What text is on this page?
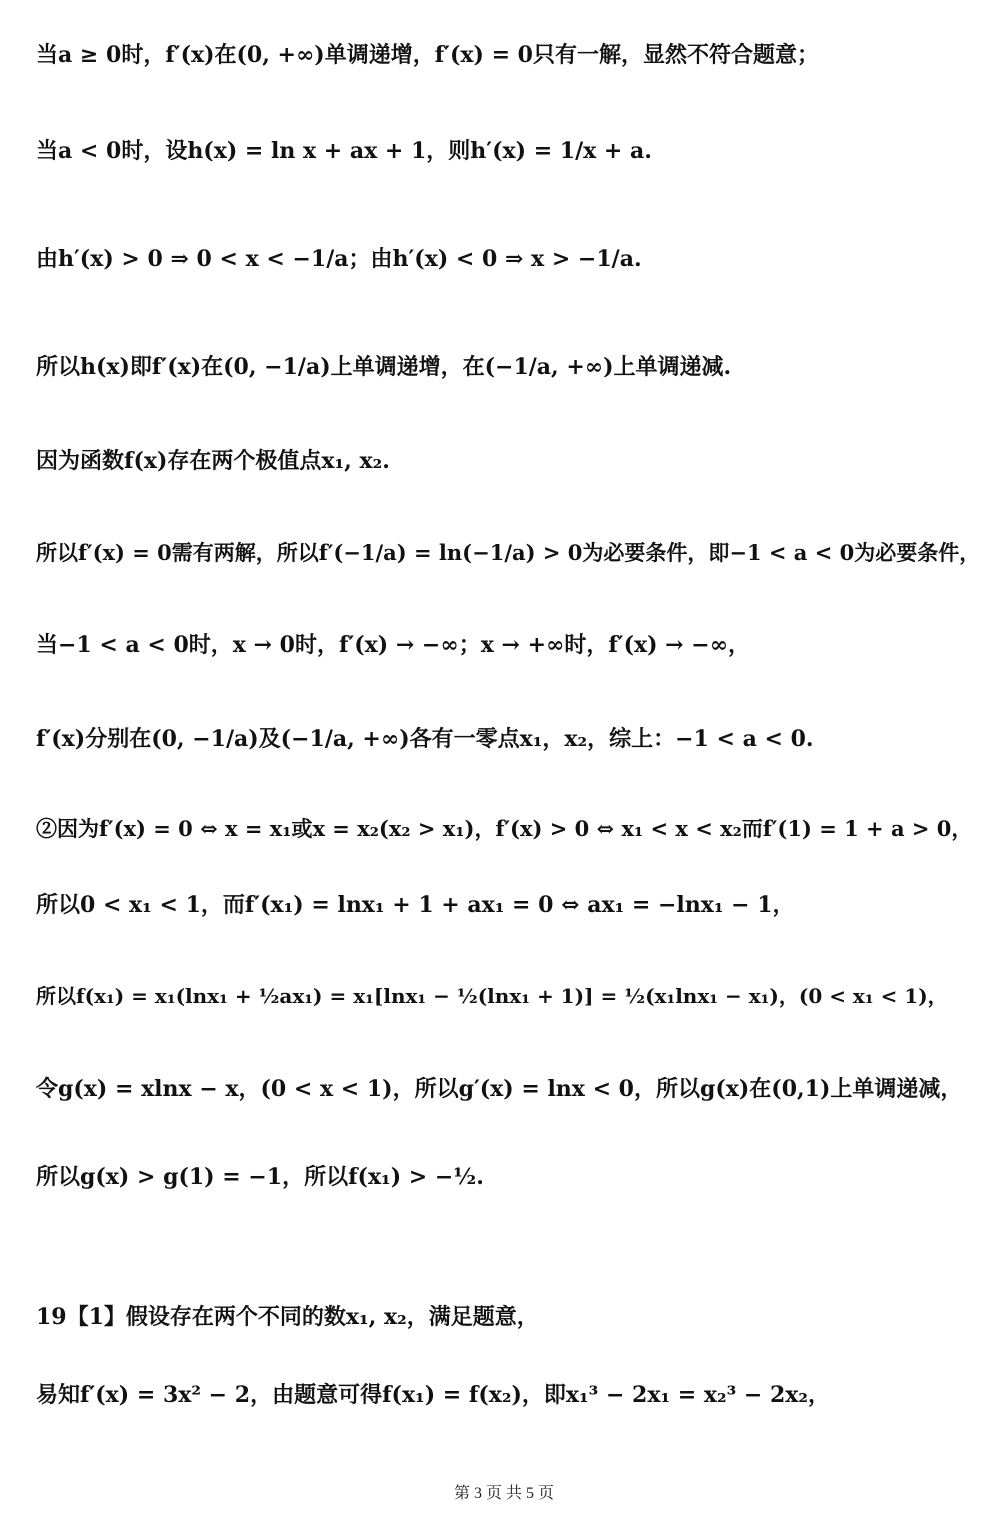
当a ≥ 0时，f′(x)在(0, +∞)单调递增，f′(x) = 0只有一解，显然不符合题意；
当a < 0时，设h(x) = ln x + ax + 1，则h′(x) = 1/x + a.
由h′(x) > 0 ⇒ 0 < x < −1/a；由h′(x) < 0 ⇒ x > −1/a.
所以h(x)即f′(x)在(0, −1/a)上单调递增，在(−1/a, +∞)上单调递减.
因为函数f(x)存在两个极值点x₁, x₂.
所以f′(x) = 0需有两解，所以f′(−1/a) = ln(−1/a) > 0为必要条件，即−1 < a < 0为必要条件，
当−1 < a < 0时，x → 0时，f′(x) → −∞；x → +∞时，f′(x) → −∞，
f′(x)分别在(0, −1/a)及(−1/a, +∞)各有一零点x₁，x₂，综上：−1 < a < 0.
②因为f′(x) = 0 ⇔ x = x₁或x = x₂(x₂ > x₁)，f′(x) > 0 ⇔ x₁ < x < x₂而f′(1) = 1 + a > 0，
所以0 < x₁ < 1，而f′(x₁) = lnx₁ + 1 + ax₁ = 0 ⇔ ax₁ = −lnx₁ − 1，
所以f(x₁) = x₁(lnx₁ + ½ax₁) = x₁[lnx₁ − ½(lnx₁ + 1)] = ½(x₁lnx₁ − x₁)，(0 < x₁ < 1)，
令g(x) = xlnx − x，(0 < x < 1)，所以g′(x) = lnx < 0，所以g(x)在(0,1)上单调递减，
所以g(x) > g(1) = −1，所以f(x₁) > −½.
19【1】假设存在两个不同的数x₁, x₂，满足题意，
易知f′(x) = 3x² − 2，由题意可得f(x₁) = f(x₂)，即x₁³ − 2x₁ = x₂³ − 2x₂，
第 3 页 共 5 页
